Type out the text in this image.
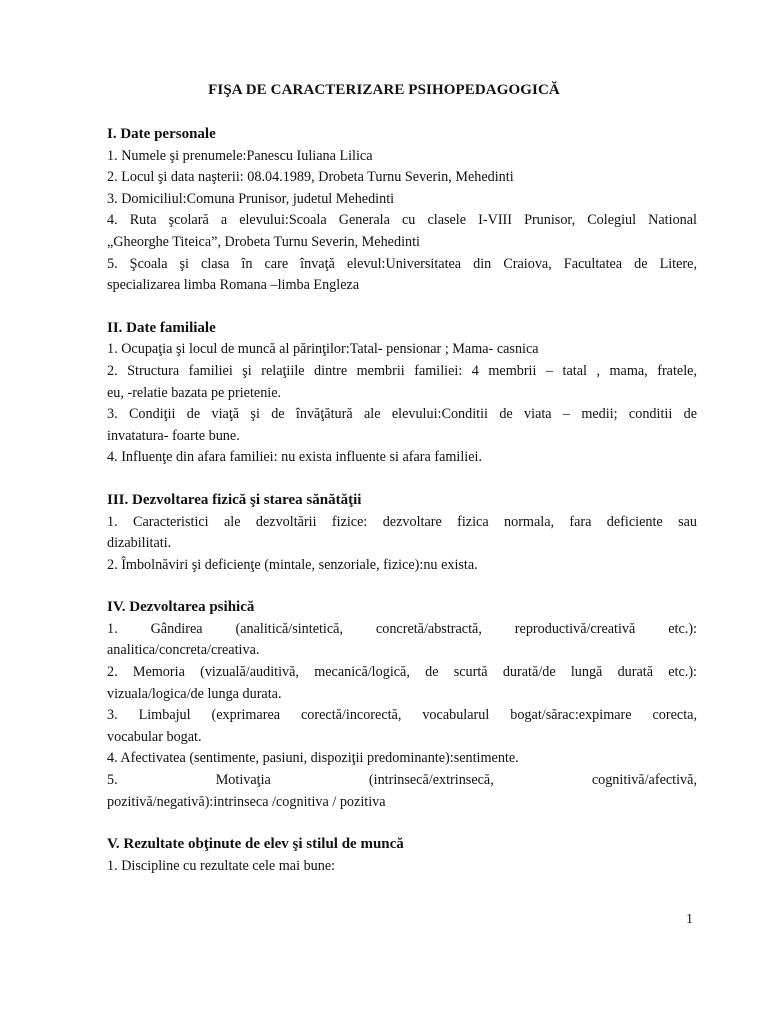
FIŞA DE CARACTERIZARE PSIHOPEDAGOGICĂ
I. Date personale
1. Numele şi prenumele:Panescu Iuliana Lilica
2. Locul şi data naşterii: 08.04.1989, Drobeta Turnu Severin, Mehedinti
3. Domiciliul:Comuna Prunisor, judetul Mehedinti
4. Ruta şcolară a elevului:Scoala Generala cu clasele I-VIII Prunisor, Colegiul National
„Gheorghe Titeica”, Drobeta Turnu Severin, Mehedinti
5. Şcoala şi clasa în care învaţă elevul:Universitatea din Craiova, Facultatea de Litere,
specializarea limba Romana –limba Engleza
II. Date familiale
1. Ocupaţia şi locul de muncă al părinţilor:Tatal- pensionar ; Mama- casnica
2. Structura familiei şi relaţiile dintre membrii familiei: 4 membrii – tatal , mama, fratele,
eu, -relatie bazata pe prietenie.
3. Condiţii de viaţă şi de învăţătură ale elevului:Conditii de viata – medii; conditii de
invatatura- foarte bune.
4. Influenţe din afara familiei: nu exista influente si afara familiei.
III. Dezvoltarea fizică şi starea sănătăţii
1. Caracteristici ale dezvoltării fizice: dezvoltare fizica normala, fara deficiente sau
dizabilitati.
2. Îmbolnăviri şi deficienţe (mintale, senzoriale, fizice):nu exista.
IV. Dezvoltarea psihică
1. Gândirea (analitică/sintetică, concretă/abstractă, reproductivă/creativă etc.):
analitica/concreta/creativa.
2. Memoria (vizuală/auditivă, mecanică/logică, de scurtă durată/de lungă durată etc.):
vizuala/logica/de lunga durata.
3. Limbajul (exprimarea corectă/incorectă, vocabularul bogat/sărac:expimare corecta,
vocabular bogat.
4. Afectivatea (sentimente, pasiuni, dispoziţii predominante):sentimente.
5. Motivaţia (intrinsecă/extrinsecă, cognitivă/afectivă,
pozitivă/negativă):intrinseca /cognitiva / pozitiva
V. Rezultate obţinute de elev şi stilul de muncă
1. Discipline cu rezultate cele mai bune:
1
